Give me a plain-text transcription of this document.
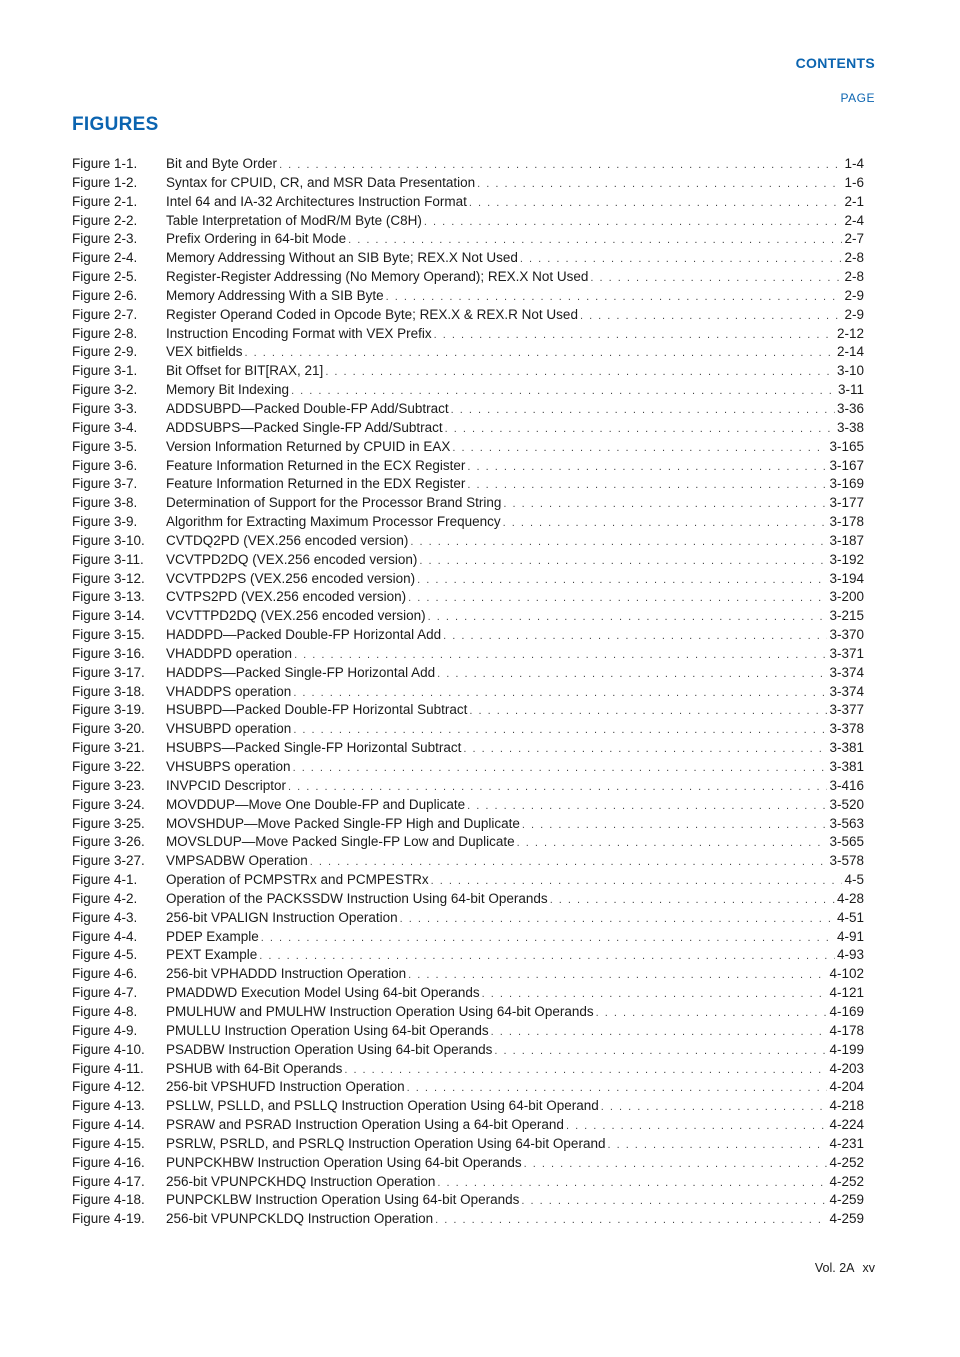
CONTENTS
PAGE
FIGURES
Figure 1-1.	Bit and Byte Order . . .	1-4
Figure 1-2.	Syntax for CPUID, CR, and MSR Data Presentation . . .	1-6
Figure 2-1.	Intel 64 and IA-32 Architectures Instruction Format . . .	2-1
Figure 2-2.	Table Interpretation of ModR/M Byte (C8H) . . .	2-4
Figure 2-3.	Prefix Ordering in 64-bit Mode . . .	2-7
Figure 2-4.	Memory Addressing Without an SIB Byte; REX.X Not Used . . .	2-8
Figure 2-5.	Register-Register Addressing (No Memory Operand); REX.X Not Used . . .	2-8
Figure 2-6.	Memory Addressing With a SIB Byte . . .	2-9
Figure 2-7.	Register Operand Coded in Opcode Byte; REX.X & REX.R Not Used . . .	2-9
Figure 2-8.	Instruction Encoding Format with VEX Prefix . . .	2-12
Figure 2-9.	VEX bitfields . . .	2-14
Figure 3-1.	Bit Offset for BIT[RAX, 21] . . .	3-10
Figure 3-2.	Memory Bit Indexing . . .	3-11
Figure 3-3.	ADDSUBPD—Packed Double-FP Add/Subtract . . .	3-36
Figure 3-4.	ADDSUBPS—Packed Single-FP Add/Subtract . . .	3-38
Figure 3-5.	Version Information Returned by CPUID in EAX . . .	3-165
Figure 3-6.	Feature Information Returned in the ECX Register . . .	3-167
Figure 3-7.	Feature Information Returned in the EDX Register . . .	3-169
Figure 3-8.	Determination of Support for the Processor Brand String . . .	3-177
Figure 3-9.	Algorithm for Extracting Maximum Processor Frequency . . .	3-178
Figure 3-10.	CVTDQ2PD (VEX.256 encoded version) . . .	3-187
Figure 3-11.	VCVTPD2DQ (VEX.256 encoded version) . . .	3-192
Figure 3-12.	VCVTPD2PS (VEX.256 encoded version) . . .	3-194
Figure 3-13.	CVTPS2PD (VEX.256 encoded version) . . .	3-200
Figure 3-14.	VCVTTPD2DQ (VEX.256 encoded version) . . .	3-215
Figure 3-15.	HADDPD—Packed Double-FP Horizontal Add . . .	3-370
Figure 3-16.	VHADDPD operation . . .	3-371
Figure 3-17.	HADDPS—Packed Single-FP Horizontal Add . . .	3-374
Figure 3-18.	VHADDPS operation . . .	3-374
Figure 3-19.	HSUBPD—Packed Double-FP Horizontal Subtract . . .	3-377
Figure 3-20.	VHSUBPD operation . . .	3-378
Figure 3-21.	HSUBPS—Packed Single-FP Horizontal Subtract . . .	3-381
Figure 3-22.	VHSUBPS operation . . .	3-381
Figure 3-23.	INVPCID Descriptor . . .	3-416
Figure 3-24.	MOVDDUP—Move One Double-FP and Duplicate . . .	3-520
Figure 3-25.	MOVSHDUP—Move Packed Single-FP High and Duplicate . . .	3-563
Figure 3-26.	MOVSLDUP—Move Packed Single-FP Low and Duplicate . . .	3-565
Figure 3-27.	VMPSADBW Operation . . .	3-578
Figure 4-1.	Operation of PCMPSTRx and PCMPESTRx . . .	4-5
Figure 4-2.	Operation of the PACKSSDW Instruction Using 64-bit Operands . . .	4-28
Figure 4-3.	256-bit VPALIGN Instruction Operation . . .	4-51
Figure 4-4.	PDEP Example . . .	4-91
Figure 4-5.	PEXT Example . . .	4-93
Figure 4-6.	256-bit VPHADDD Instruction Operation . . .	4-102
Figure 4-7.	PMADDWD Execution Model Using 64-bit Operands . . .	4-121
Figure 4-8.	PMULHUW and PMULHW Instruction Operation Using 64-bit Operands . . .	4-169
Figure 4-9.	PMULLU Instruction Operation Using 64-bit Operands . . .	4-178
Figure 4-10.	PSADBW Instruction Operation Using 64-bit Operands . . .	4-199
Figure 4-11.	PSHUB with 64-Bit Operands . . .	4-203
Figure 4-12.	256-bit VPSHUFD Instruction Operation . . .	4-204
Figure 4-13.	PSLLW, PSLLD, and PSLLQ Instruction Operation Using 64-bit Operand . . .	4-218
Figure 4-14.	PSRAW and PSRAD Instruction Operation Using a 64-bit Operand . . .	4-224
Figure 4-15.	PSRLW, PSRLD, and PSRLQ Instruction Operation Using 64-bit Operand . . .	4-231
Figure 4-16.	PUNPCKHBW Instruction Operation Using 64-bit Operands . . .	4-252
Figure 4-17.	256-bit VPUNPCKHDQ Instruction Operation . . .	4-252
Figure 4-18.	PUNPCKLBW Instruction Operation Using 64-bit Operands . . .	4-259
Figure 4-19.	256-bit VPUNPCKLDQ Instruction Operation . . .	4-259
Vol. 2A xv
